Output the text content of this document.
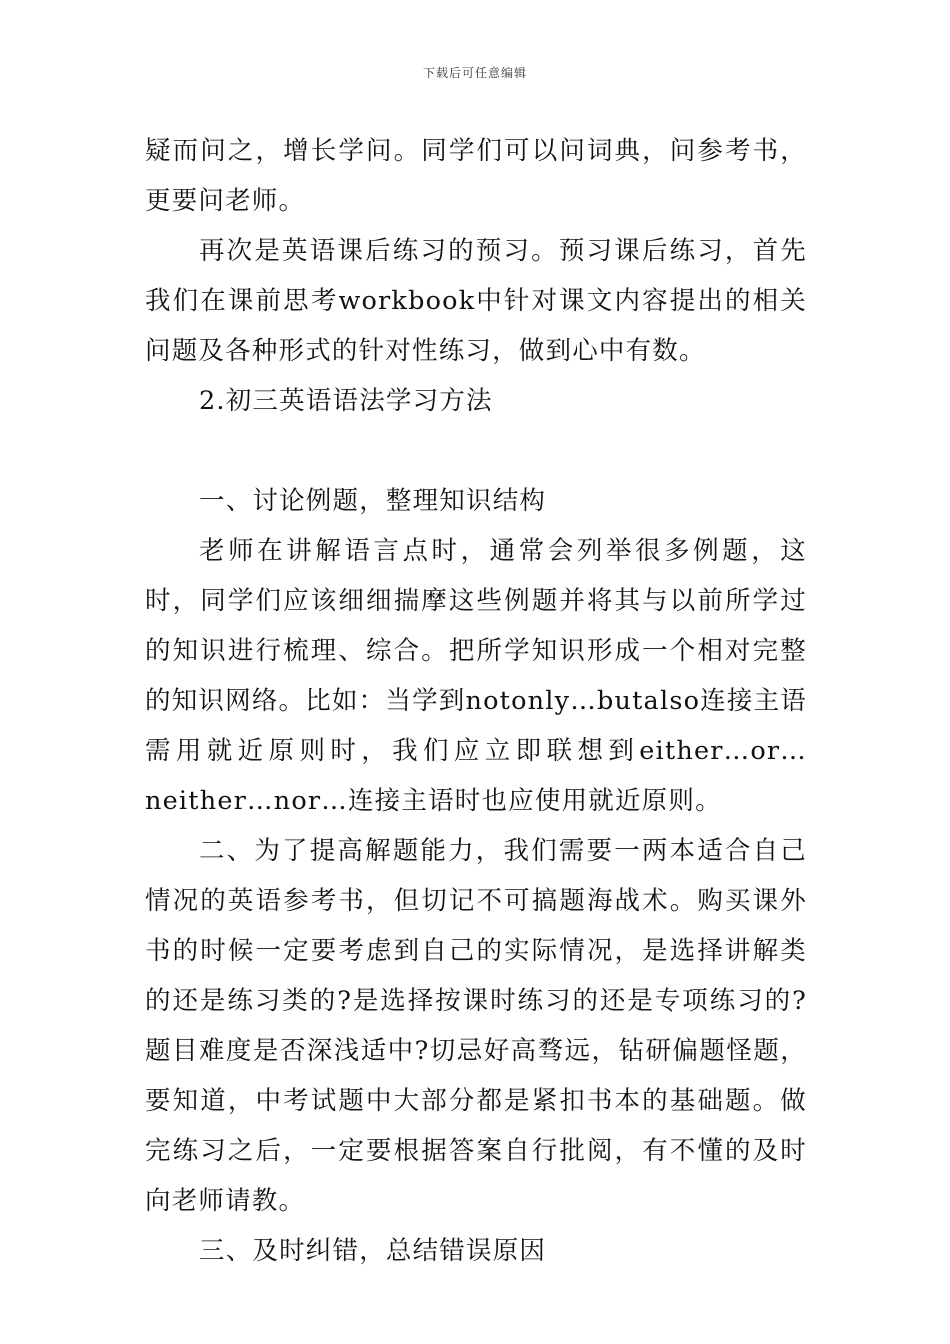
下载后可任意编辑

疑而问之，增长学问。同学们可以问词典，问参考书，更要问老师。

再次是英语课后练习的预习。预习课后练习，首先我们在课前思考workbook中针对课文内容提出的相关问题及各种形式的针对性练习，做到心中有数。

2.初三英语语法学习方法

一、讨论例题，整理知识结构

老师在讲解语言点时，通常会列举很多例题，这时，同学们应该细细揣摩这些例题并将其与以前所学过的知识进行梳理、综合。把所学知识形成一个相对完整的知识网络。比如：当学到notonly…butalso连接主语需用就近原则时，我们应立即联想到either…or…neither…nor…连接主语时也应使用就近原则。

二、为了提高解题能力，我们需要一两本适合自己情况的英语参考书，但切记不可搞题海战术。购买课外书的时候一定要考虑到自己的实际情况，是选择讲解类的还是练习类的?是选择按课时练习的还是专项练习的?题目难度是否深浅适中?切忌好高骛远，钻研偏题怪题，要知道，中考试题中大部分都是紧扣书本的基础题。做完练习之后，一定要根据答案自行批阅，有不懂的及时向老师请教。

三、及时纠错，总结错误原因
